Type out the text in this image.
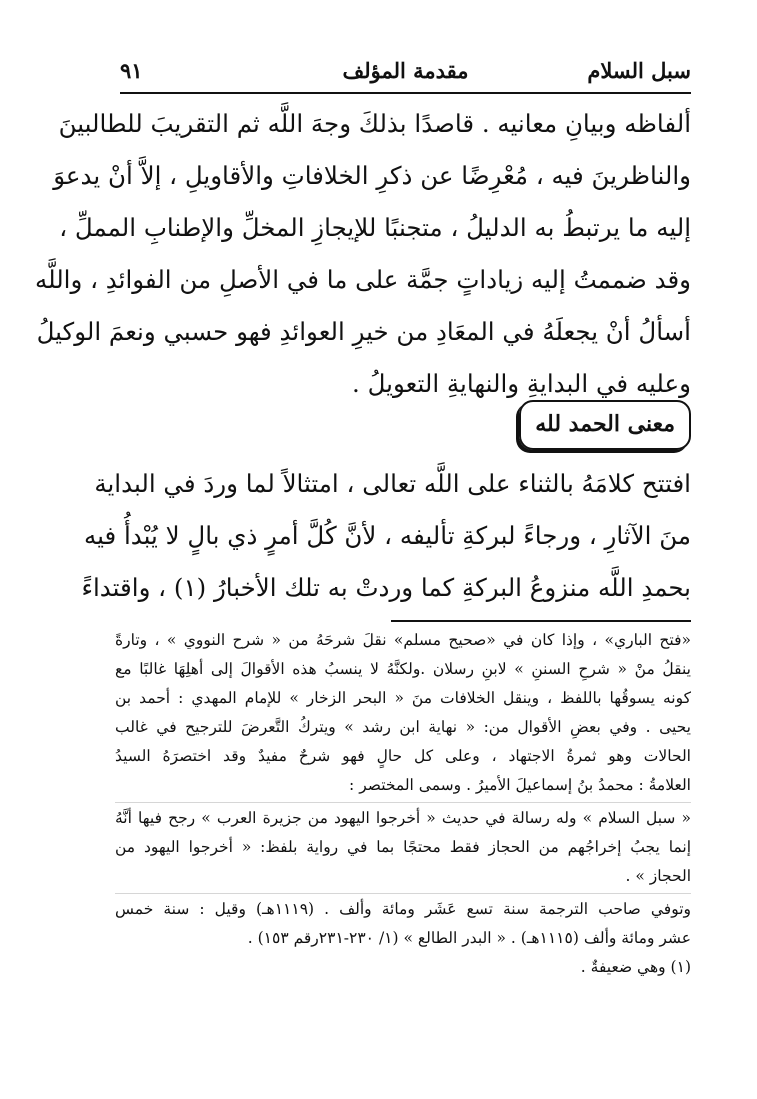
سبل السلام
مقدمة المؤلف
٩١
ألفاظه وبيانِ معانيه . قاصدًا بذلكَ وجهَ اللَّه ثم التقريبَ للطالبينَ
والناظرينَ فيه ، مُعْرِضًا عن ذكرِ الخلافاتِ والأقاويلِ ، إلاَّ أنْ يدعوَ
إليه ما يرتبطُ به الدليلُ ، متجنبًا للإيجازِ المخلِّ والإطنابِ المملِّ ،
وقد ضممتُ إليه زياداتٍ جمَّة على ما في الأصلِ من الفوائدِ ، واللَّه
أسألُ أنْ يجعلَهُ في المعَادِ من خيرِ العوائدِ فهو حسبي ونعمَ الوكيلُ
وعليه في البدايةِ والنهايةِ التعويلُ .
معنى الحمد لله
افتتح كلامَهُ بالثناء على اللَّه تعالى ، امتثالاً لما وردَ في البداية
منَ الآثارِ ، ورجاءً لبركةِ تأليفه ، لأنَّ كُلَّ أمرٍ ذي بالٍ لا يُبْدأُ فيه
بحمدِ اللَّه منزوعُ البركةِ كما وردتْ به تلك الأخبارُ (١) ، واقتداءً
«فتح الباري» ، وإذا كان في «صحيح مسلم» نقلَ شرحَهُ من « شرح النووي » ، وتارةً
ينقلُ منْ « شرحِ السننِ » لابنِ رسلان .ولكنَّهُ لا ينسبُ هذه الأقوالَ إلى أهلِهَا غالبًا مع
كونه يسوقُها باللفظ ، وينقل الخلافات منَ « البحر الزخار » للإمام المهدي : أحمد بن
يحيى . وفي بعضِ الأقوال من: « نهاية ابن رشد » ويتركُ التَّعرضَ للترجيح في غالب
الحالات وهو ثمرةُ الاجتهاد ، وعلى كل حالٍ فهو شرحٌ مفيدٌ وقد اختصرَهُ السيدُ
العلامةُ : محمدُ بنُ إسماعيلَ الأميرُ . وسمى المختصر :
« سبل السلام » وله رسالة في حديث « أخرجوا اليهود من جزيرة العرب » رجح فيها أنَّهُ
إنما يجبُ إخراجُهم من الحجاز فقط محتجًا بما في رواية بلفظ: « أخرجوا اليهود من
الحجاز » .
وتوفي صاحب الترجمة سنة تسع عَشَر ومائة وألف . (١١١٩هـ) وقيل : سنة خمس
عشر ومائة وألف (١١١٥هـ) . « البدر الطالع » (١/ ٢٣٠-٢٣١رقم ١٥٣) .
(١) وهي ضعيفةٌ .
